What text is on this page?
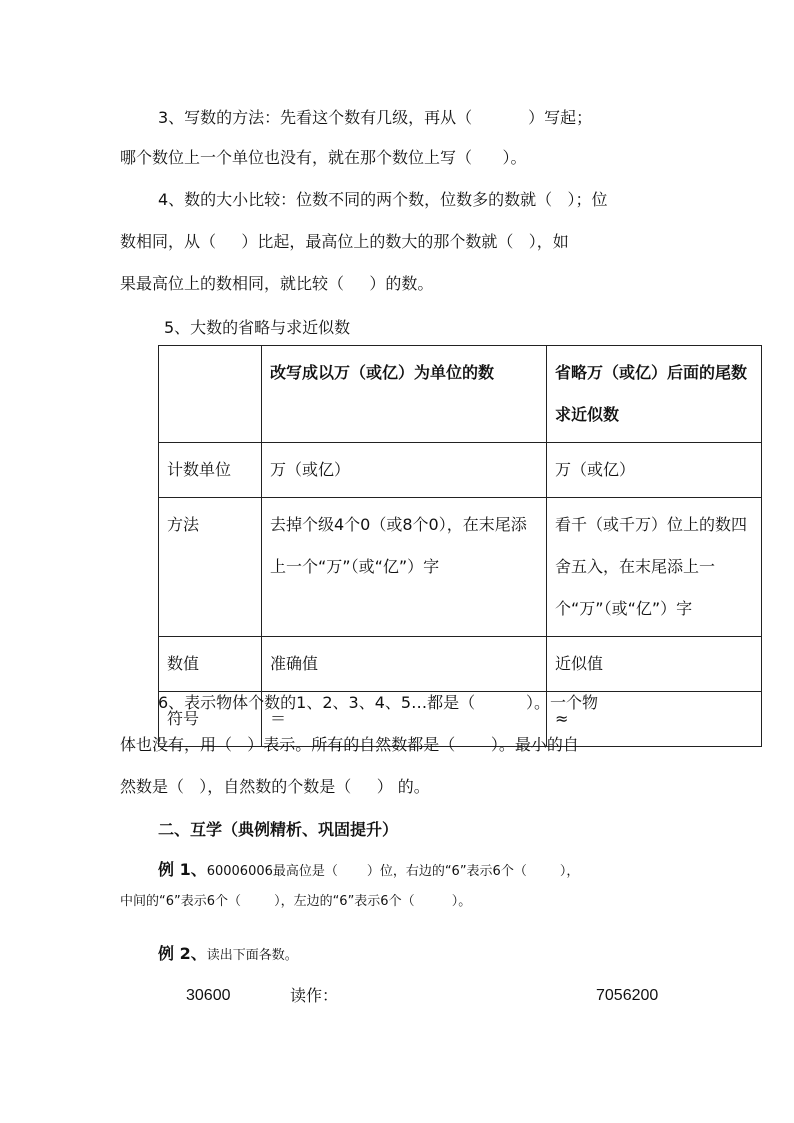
3、写数的方法：先看这个数有几级，再从（           ）写起；
哪个数位上一个单位也没有，就在那个数位上写（      ）。
4、数的大小比较：位数不同的两个数，位数多的数就（   ）；位
数相同，从（     ）比起，最高位上的数大的那个数就（   ），如
果最高位上的数相同，就比较（     ）的数。
5、大数的省略与求近似数
	改写成以万（或亿）为单位的数	省略万（或亿）后面的尾数求近似数
计数单位	万（或亿）	万（或亿）
方法	去掉个级4个0（或8个0），在末尾添上一个“万”（或“亿”）字	看千（或千万）位上的数四舍五入，在末尾添上一个“万”（或“亿”）字
数值	准确值	近似值
符号	＝	≈
6、表示物体个数的1、2、3、4、5…都是（          ）。一个物
体也没有，用（   ）表示。所有的自然数都是（       ）。最小的自
然数是（   ），自然数的个数是（     ） 的。
二、互学（典例精析、巩固提升）
例 1、60006006最高位是（       ）位，右边的“6”表示6个（        ），
中间的“6”表示6个（        ），左边的“6”表示6个（         ）。
例 2、读出下面各数。
30600	读作：	7056200
